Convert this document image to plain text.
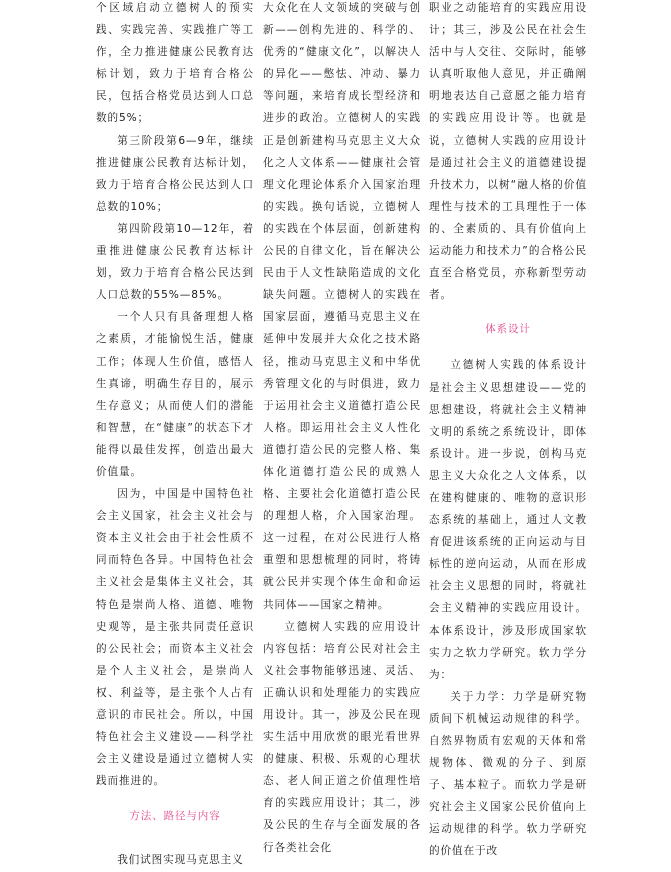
个区域启动立德树人的预实践、实践完善、实践推广等工作，全力推进健康公民教育达标计划，致力于培育合格公民，包括合格党员达到人口总数的5%；

第三阶段第6—9年，继续推进健康公民教育达标计划，致力于培育合格公民达到人口总数的10%；

第四阶段第10—12年，着重推进健康公民教育达标计划，致力于培育合格公民达到人口总数的55%—85%。

一个人只有具备理想人格之素质，才能愉悦生活，健康工作；体现人生价值，感悟人生真谛，明确生存目的，展示生存意义；从而使人们的潜能和智慧，在“健康”的状态下才能得以最佳发挥，创造出最大价值量。

因为，中国是中国特色社会主义国家，社会主义社会与资本主义社会由于社会性质不同而特色各异。中国特色社会主义社会是集体主义社会，其特色是崇尚人格、道德、唯物史观等，是主张共同责任意识的公民社会；而资本主义社会是个人主义社会，是崇尚人权、利益等，是主张个人占有意识的市民社会。所以，中国特色社会主义建设——科学社会主义建设是通过立德树人实践而推进的。

方法、路径与内容

我们试图实现马克思主义

大众化在人文领域的突破与创新——创构先进的、科学的、优秀的“健康文化”，以解决人的异化——憋怯、冲动、暴力等问题，来培育成长型经济和进步的政治。立德树人的实践正是创新建构马克思主义大众化之人文体系——健康社会管理文化理论体系介入国家治理的实践。换句话说，立德树人的实践在个体层面，创新建构公民的自律文化，旨在解决公民由于人文性缺陷造成的文化缺失问题。立德树人的实践在国家层面，遵循马克思主义在延伸中发展并大众化之技术路径，推动马克思主义和中华优秀管理文化的与时俱进，致力于运用社会主义道德打造公民人格。即运用社会主义人性化道德打造公民的完整人格、集体化道德打造公民的成熟人格、主要社会化道德打造公民的理想人格，介入国家治理。这一过程，在对公民进行人格重塑和思想梳理的同时，将铸就公民并实现个体生命和命运共同体——国家之精神。

立德树人实践的应用设计内容包括：培育公民对社会主义社会事物能够迅速、灵活、正确认识和处理能力的实践应用设计。其一，涉及公民在现实生活中用欣赏的眼光看世界的健康、积极、乐观的心理状态、老人间正道之价值理性培育的实践应用设计；其二，涉及公民的生存与全面发展的各行各类社会化

职业之动能培育的实践应用设计；其三，涉及公民在社会生活中与人交往、交际时，能够认真听取他人意见，并正确阐明地表达自己意愿之能力培育的实践应用设计等。也就是说，立德树人实践的应用设计是通过社会主义的道德建设提升技术力，以树“融人格的价值理性与技术的工具理性于一体的、全素质的、具有价值向上运动能力和技术力”的合格公民直至合格党员，亦称新型劳动者。

体系设计

立德树人实践的体系设计是社会主义思想建设——党的思想建设，将就社会主义精神文明的系统之系统设计，即体系设计。进一步说，创构马克思主义大众化之人文体系，以在建构健康的、唯物的意识形态系统的基础上，通过人文教育促进该系统的正向运动与目标性的逆向运动，从而在形成社会主义思想的同时，将就社会主义精神的实践应用设计。本体系设计，涉及形成国家软实力之软力学研究。软力学分为：

关于力学：力学是研究物质间下机械运动规律的科学。自然界物质有宏观的天体和常规物体、微观的分子、到原子、基本粒子。而软力学是研究社会主义国家公民价值向上运动规律的科学。软力学研究的价值在于改
